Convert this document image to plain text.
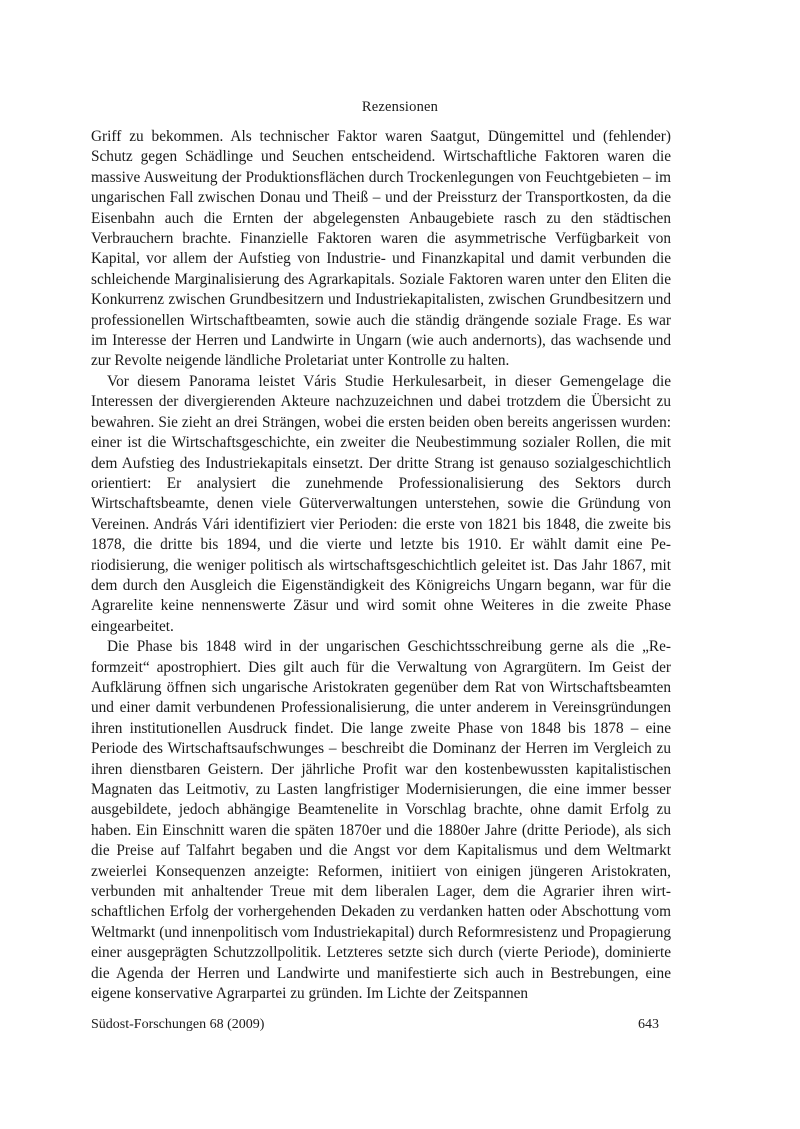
Rezensionen

Griff zu bekommen. Als technischer Faktor waren Saatgut, Düngemittel und (fehlender) Schutz gegen Schädlinge und Seuchen entscheidend. Wirtschaftliche Faktoren waren die massive Ausweitung der Produktionsflächen durch Trockenlegungen von Feuchtgebieten – im ungarischen Fall zwischen Donau und Theiß – und der Preissturz der Transportkosten, da die Eisenbahn auch die Ernten der abgelegensten Anbaugebiete rasch zu den städtischen Verbrauchern brachte. Finanzielle Faktoren waren die asymmetrische Verfügbarkeit von Kapital, vor allem der Aufstieg von Industrie- und Finanzkapital und damit verbunden die schleichende Marginalisierung des Agrarkapitals. Soziale Faktoren waren unter den Eliten die Konkurrenz zwischen Grundbesitzern und Industriekapitalisten, zwischen Grundbesitzern und professionellen Wirtschaftbeamten, sowie auch die ständig drängende soziale Frage. Es war im Interesse der Herren und Landwirte in Ungarn (wie auch andernorts), das wachsende und zur Revolte neigende ländliche Proletariat unter Kontrolle zu halten.

Vor diesem Panorama leistet Váris Studie Herkulesarbeit, in dieser Gemengelage die Interessen der divergierenden Akteure nachzuzeichnen und dabei trotzdem die Übersicht zu bewahren. Sie zieht an drei Strängen, wobei die ersten beiden oben bereits angerissen wurden: einer ist die Wirtschaftsgeschichte, ein zweiter die Neubestimmung sozialer Rollen, die mit dem Aufstieg des Industriekapitals einsetzt. Der dritte Strang ist genauso sozialgeschichtlich orientiert: Er analysiert die zunehmende Professionalisierung des Sektors durch Wirtschaftsbeamte, denen viele Güterverwaltungen unterstehen, sowie die Gründung von Vereinen. András Vári identifiziert vier Perioden: die erste von 1821 bis 1848, die zweite bis 1878, die dritte bis 1894, und die vierte und letzte bis 1910. Er wählt damit eine Periodisierung, die weniger politisch als wirtschaftsgeschichtlich geleitet ist. Das Jahr 1867, mit dem durch den Ausgleich die Eigenständigkeit des Königreichs Ungarn begann, war für die Agrarelite keine nennenswerte Zäsur und wird somit ohne Weiteres in die zweite Phase eingearbeitet.

Die Phase bis 1848 wird in der ungarischen Geschichtsschreibung gerne als die „Reformzeit“ apostrophiert. Dies gilt auch für die Verwaltung von Agrargütern. Im Geist der Aufklärung öffnen sich ungarische Aristokraten gegenüber dem Rat von Wirtschaftsbeamten und einer damit verbundenen Professionalisierung, die unter anderem in Vereinsgründungen ihren institutionellen Ausdruck findet. Die lange zweite Phase von 1848 bis 1878 – eine Periode des Wirtschaftsaufschwunges – beschreibt die Dominanz der Herren im Vergleich zu ihren dienstbaren Geistern. Der jährliche Profit war den kostenbewussten kapitalistischen Magnaten das Leitmotiv, zu Lasten langfristiger Modernisierungen, die eine immer besser ausgebildete, jedoch abhängige Beamtenelite in Vorschlag brachte, ohne damit Erfolg zu haben. Ein Einschnitt waren die späten 1870er und die 1880er Jahre (dritte Periode), als sich die Preise auf Talfahrt begaben und die Angst vor dem Kapitalismus und dem Weltmarkt zweierlei Konsequenzen anzeigte: Reformen, initiiert von einigen jüngeren Aristokraten, verbunden mit anhaltender Treue mit dem liberalen Lager, dem die Agrarier ihren wirtschaftlichen Erfolg der vorhergehenden Dekaden zu verdanken hatten oder Abschottung vom Weltmarkt (und innenpolitisch vom Industriekapital) durch Reformresistenz und Propagierung einer ausgeprägten Schutzzollpolitik. Letzteres setzte sich durch (vierte Periode), dominierte die Agenda der Herren und Landwirte und manifestierte sich auch in Bestrebungen, eine eigene konservative Agrarpartei zu gründen. Im Lichte der Zeitspannen

Südost-Forschungen 68 (2009)	643
